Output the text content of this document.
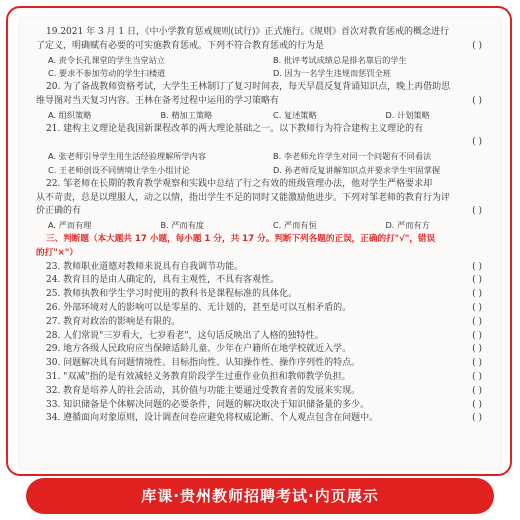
19.2021 年 3 月 1 日，《中小学教育惩戒规则(试行)》正式施行。《规则》首次对教育惩戒的概念进行
了定义，明确赋有必要的可实施教育惩戒。下列不符合教育惩戒的行为是	( )
A. 责令长孔课堂的学生当堂站立	B. 批评考试成绩总是排名靠后的学生
C. 要求不参加劳动的学生扫楼道	D. 因为一名学生违规而惩罚全班
20. 为了备战教师资格考试，大学生王林制订了复习时间表，每天早晨反复背诵知识点，晚上再借助思
维导图对当天复习内容。王林在备考过程中运用的学习策略有	( )
A. 组织策略	B. 精加工策略	C. 复述策略	D. 计划策略
21. 建构主义理论是我国新课程改革的两大理论基础之一。以下教师行为符合建构主义理论的有

( )
A. 张老师引导学生用生活经验理解所学内容	B. 李老师允许学生对同一个问题有不同看法
C. 王老师创设不同情境让学生小组讨论	D. 孙老师反复讲解知识点并要求学生牢固掌握
22. 邹老师在长期的教育教学观察和实践中总结了行之有效的班级管理办法，他对学生严格要求却
从不苛责，总是以理服人，动之以情，指出学生不足的同时又能激励他进步。下列对邹老师的教育行为评
价正确的有	( )
A. 严而有理	B. 严而有度	C. 严而有恒	D. 严而有方
三、判断题（本大题共 17 小题，每小题 1 分，共 17 分。判断下列各题的正误，正确的打"√"，错误
的打"×"）
23. 教师职业道德对教师来说具有自我调节功能。	( )
24. 教育目的是由人确定的，具有主观性，不具有客观性。	( )
25. 教师执教和学生学习时使用的教科书是课程标准的具体化。	( )
26. 外部环境对人的影响可以是零星的、无计划的，甚至是可以互相矛盾的。	( )
27. 教育对政治的影响是有限的。	( )
28. 人们常说"三岁看大，七岁看老"，这句话反映出了人格的独特性。	( )
29. 地方各级人民政府应当保障适龄儿童、少年在户籍所在地学校就近入学。	( )
30. 问题解决具有问题情境性、目标指向性、认知操作性、操作序列性的特点。	( )
31. "双减"指的是有效减轻义务教育阶段学生过重作业负担和教师教学负担。	( )
32. 教育是培养人的社会活动，其价值与功能主要通过受教育者的发展来实现。	( )
33. 知识储备是个体解决问题的必要条件，问题的解决取决于知识储备量的多少。	( )
34. 遵循面向对象原则，设计调查问卷应避免将权威论断、个人观点包含在问题中。	( )
库课·贵州教师招聘考试·内页展示
